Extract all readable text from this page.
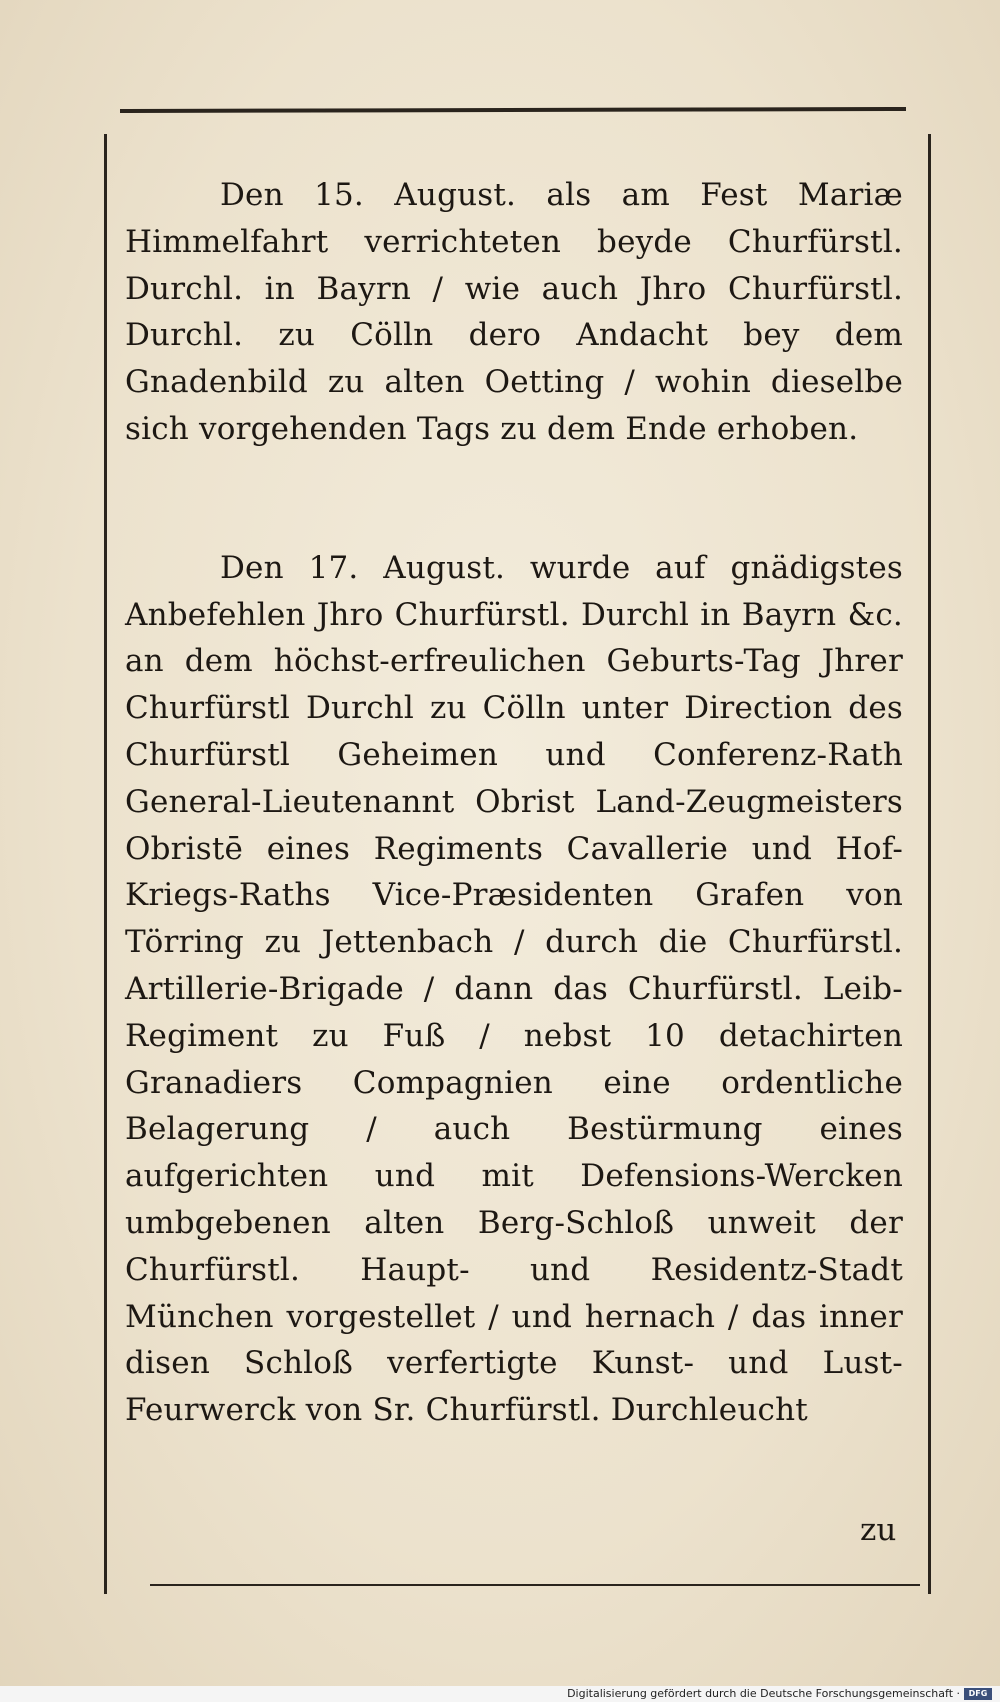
Den 15. August. als am Fest Mariæ Himmelfahrt verrichteten beyde Churfürstl. Durchl. in Bayrn / wie auch Jhro Churfürstl. Durchl. zu Cölln dero Andacht bey dem Gnadenbild zu alten Oetting / wohin dieselbe sich vorgehenden Tags zu dem Ende erhoben.

Den 17. August. wurde auf gnädigstes Anbefehlen Jhro Churfürstl. Durchl in Bayrn &c. an dem höchst-erfreulichen Geburts-Tag Jhrer Churfürstl Durchl zu Cölln unter Direction des Churfürstl Geheimen und Conferenz-Rath General-Lieutenannt Obrist Land-Zeugmeisters Obristē eines Regiments Cavallerie und Hof-Kriegs-Raths Vice-Præsidenten Grafen von Törring zu Jettenbach / durch die Churfürstl. Artillerie-Brigade / dann das Churfürstl. Leib-Regiment zu Fuß / nebst 10 detachirten Granadiers Compagnien eine ordentliche Belagerung / auch Bestürmung eines aufgerichten und mit Defensions-Wercken umbgebenen alten Berg-Schloß unweit der Churfürstl. Haupt- und Residentz-Stadt München vorgestellet / und hernach / das inner disen Schloß verfertigte Kunst- und Lust-Feurwerck von Sr. Churfürstl. Durchleucht

zu
Digitalisierung gefördert durch die Deutsche Forschungsgemeinschaft ·	DFG
